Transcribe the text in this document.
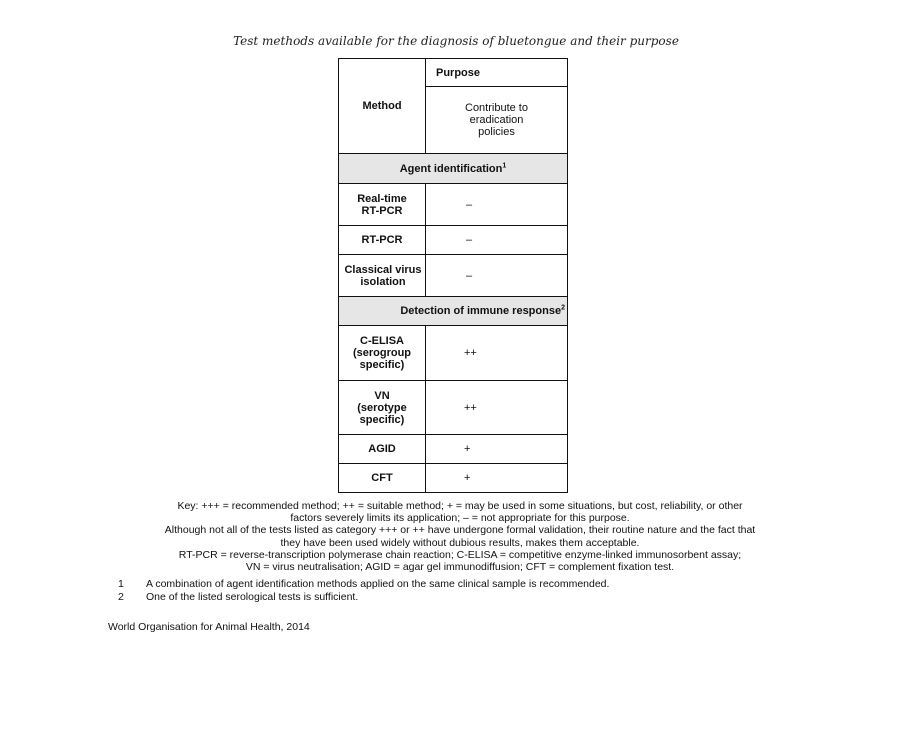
Test methods available for the diagnosis of bluetongue and their purpose
Method	Purpose

	Contribute to eradication policies

Agent identification$^1$

Real-time RT-PCR	–
RT-PCR	–

Classical virus isolation	–
Detection of immune response$^2$

C-ELISA (serogroup specific)	++

VN (serotype specific)	++
AGID	+
CFT	+
Key: +++ = recommended method; ++ = suitable method; + = may be used in some situations, but cost, reliability, or other
factors severely limits its application; – = not appropriate for this purpose.
Although not all of the tests listed as category +++ or ++ have undergone formal validation, their routine nature and the fact that
they have been used widely without dubious results, makes them acceptable.
RT-PCR = reverse-transcription polymerase chain reaction; C-ELISA = competitive enzyme-linked immunosorbent assay;
VN = virus neutralisation; AGID = agar gel immunodiffusion; CFT = complement fixation test.
1	A combination of agent identification methods applied on the same clinical sample is recommended.
2	One of the listed serological tests is sufficient.
World Organisation for Animal Health, 2014
